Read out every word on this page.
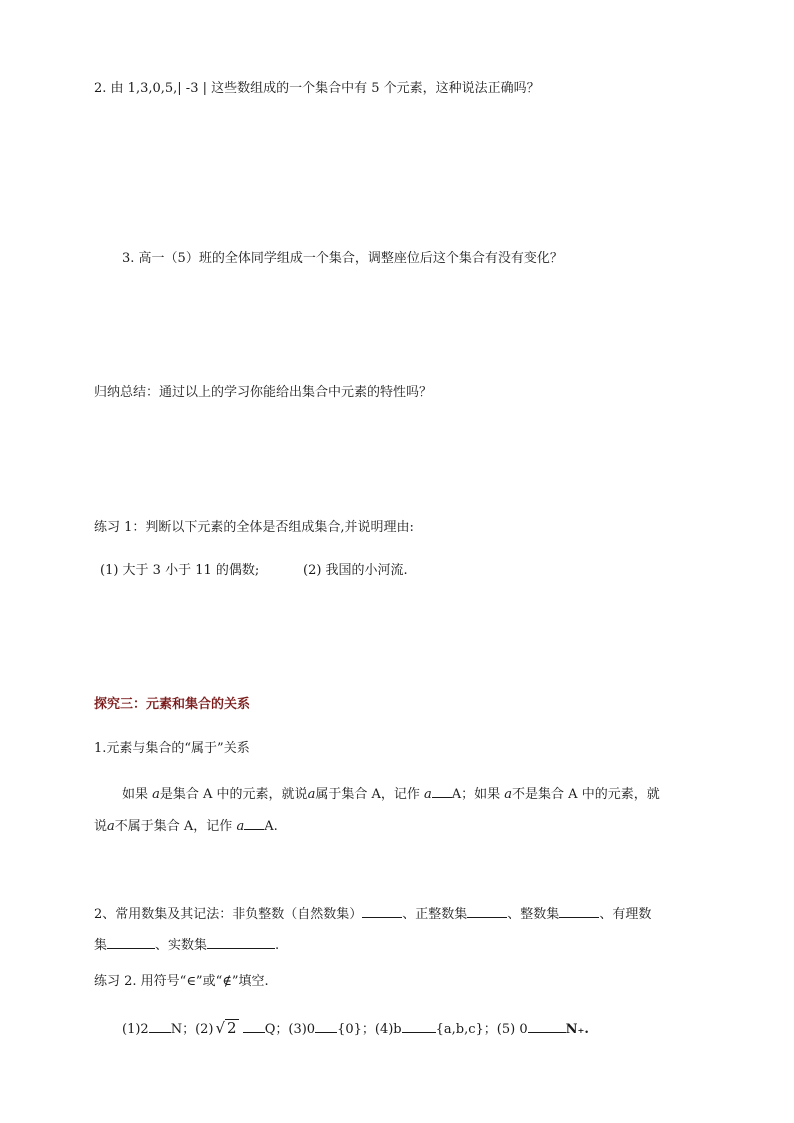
2. 由 1,3,0,5,| -3 | 这些数组成的一个集合中有 5 个元素，这种说法正确吗？
3. 高一（5）班的全体同学组成一个集合，调整座位后这个集合有没有变化？
归纳总结：通过以上的学习你能给出集合中元素的特性吗？
练习 1：判断以下元素的全体是否组成集合,并说明理由:
(1) 大于 3 小于 11 的偶数;	(2) 我国的小河流.
探究三：元素和集合的关系
1.元素与集合的“属于”关系
如果 a是集合 A 中的元素，就说a属于集合 A，记作 a A；如果 a不是集合 A 中的元素，就
说a不属于集合 A，记作 a A.
2、常用数集及其记法：非负整数（自然数集）	、正整数集	、整数集	、有理数
集	、实数集	.
练习 2. 用符号“∈”或“∉”填空.
(1)2 N；(2) √ 2 Q；(3)0 {0}；(4)b	{a,b,c}；(5) 0	N₊.
